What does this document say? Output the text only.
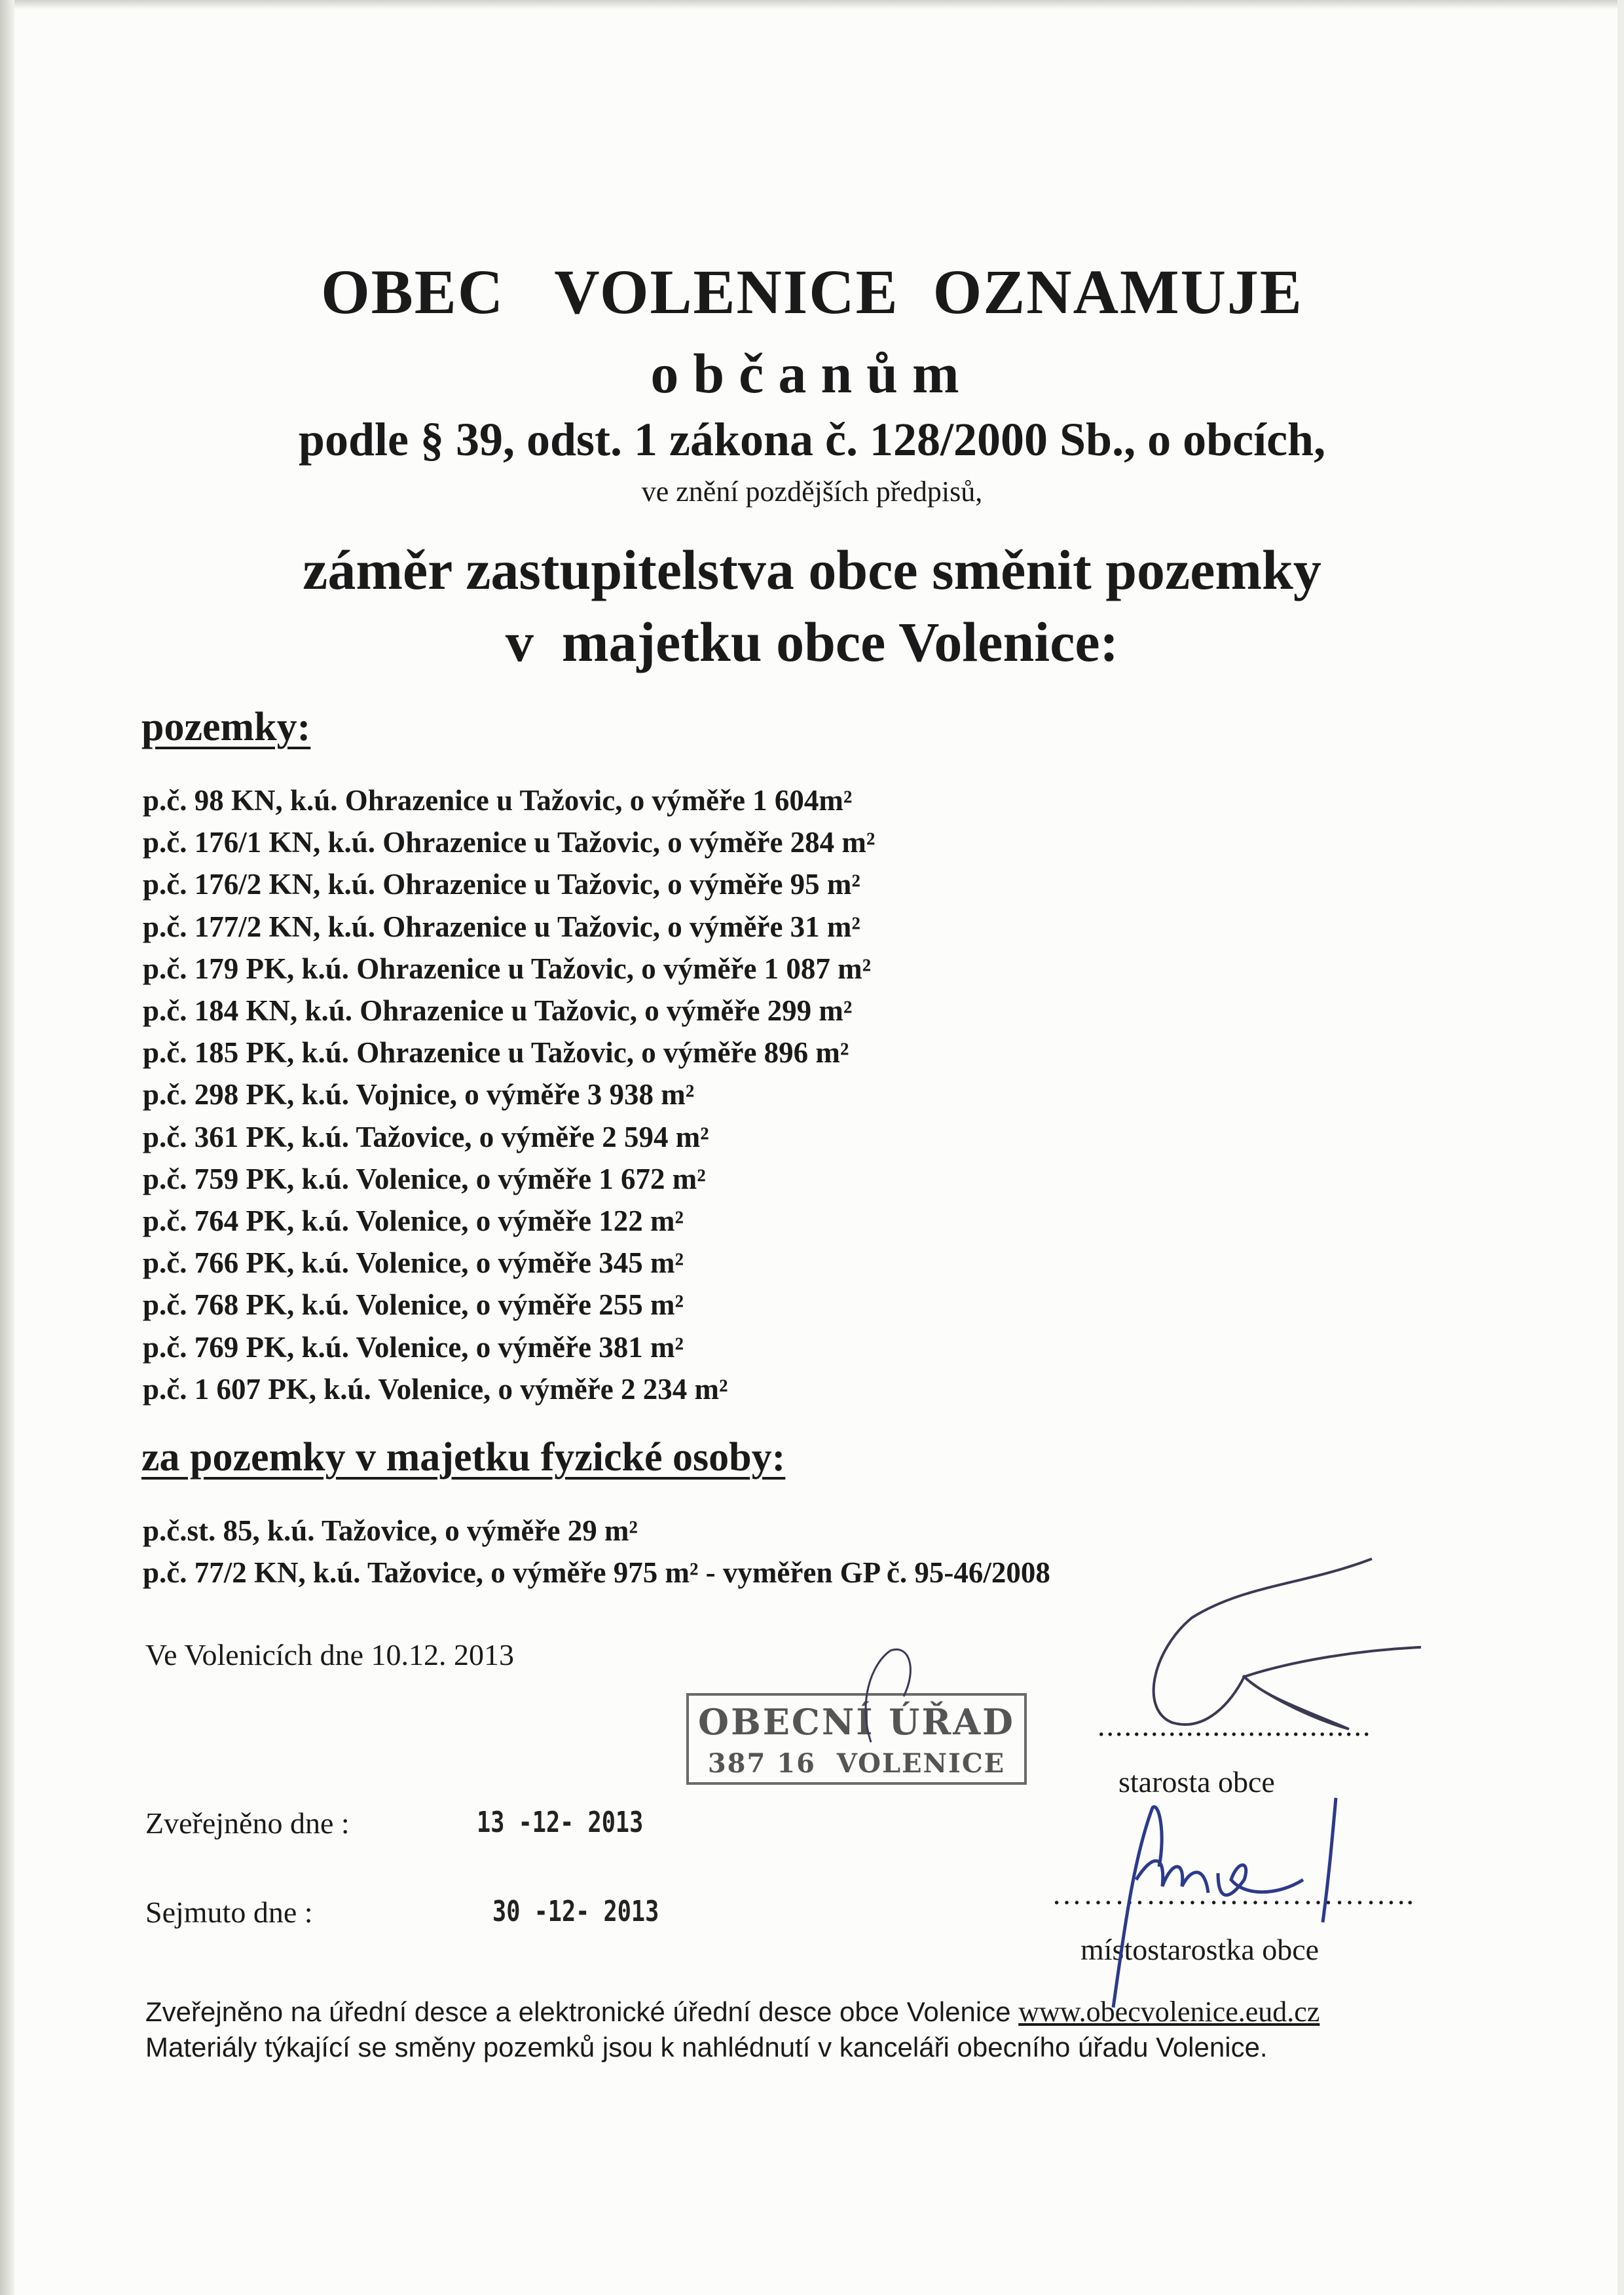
OBEC   VOLENICE  OZNAMUJE
občanům
podle § 39, odst. 1 zákona č. 128/2000 Sb., o obcích,
ve znění pozdějších předpisů,
záměr zastupitelstva obce směnit pozemky
v  majetku obce Volenice:
pozemky:
p.č. 98 KN, k.ú. Ohrazenice u Tažovic, o výměře 1 604m²
p.č. 176/1 KN, k.ú. Ohrazenice u Tažovic, o výměře 284 m²
p.č. 176/2 KN, k.ú. Ohrazenice u Tažovic, o výměře 95 m²
p.č. 177/2 KN, k.ú. Ohrazenice u Tažovic, o výměře 31 m²
p.č. 179 PK, k.ú. Ohrazenice u Tažovic, o výměře 1 087 m²
p.č. 184 KN, k.ú. Ohrazenice u Tažovic, o výměře 299 m²
p.č. 185 PK, k.ú. Ohrazenice u Tažovic, o výměře 896 m²
p.č. 298 PK, k.ú. Vojnice, o výměře 3 938 m²
p.č. 361 PK, k.ú. Tažovice, o výměře 2 594 m²
p.č. 759 PK, k.ú. Volenice, o výměře 1 672 m²
p.č. 764 PK, k.ú. Volenice, o výměře 122 m²
p.č. 766 PK, k.ú. Volenice, o výměře 345 m²
p.č. 768 PK, k.ú. Volenice, o výměře 255 m²
p.č. 769 PK, k.ú. Volenice, o výměře 381 m²
p.č. 1 607 PK, k.ú. Volenice, o výměře 2 234 m²
za pozemky v majetku fyzické osoby:
p.č.st. 85, k.ú. Tažovice, o výměře 29 m²
p.č. 77/2 KN, k.ú. Tažovice, o výměře 975 m² - vyměřen GP č. 95-46/2008
Ve Volenicích dne 10.12. 2013
OBECNÍ ÚŘAD
387 16  VOLENICE
...............................
starosta obce
……………………………..
místostarostka obce
Zveřejněno dne :	13 -12- 2013
Sejmuto dne :	30 -12- 2013
Zveřejněno na úřední desce a elektronické úřední desce obce Volenice www.obecvolenice.eud.cz
Materiály týkající se směny pozemků jsou k nahlédnutí v kanceláři obecního úřadu Volenice.
